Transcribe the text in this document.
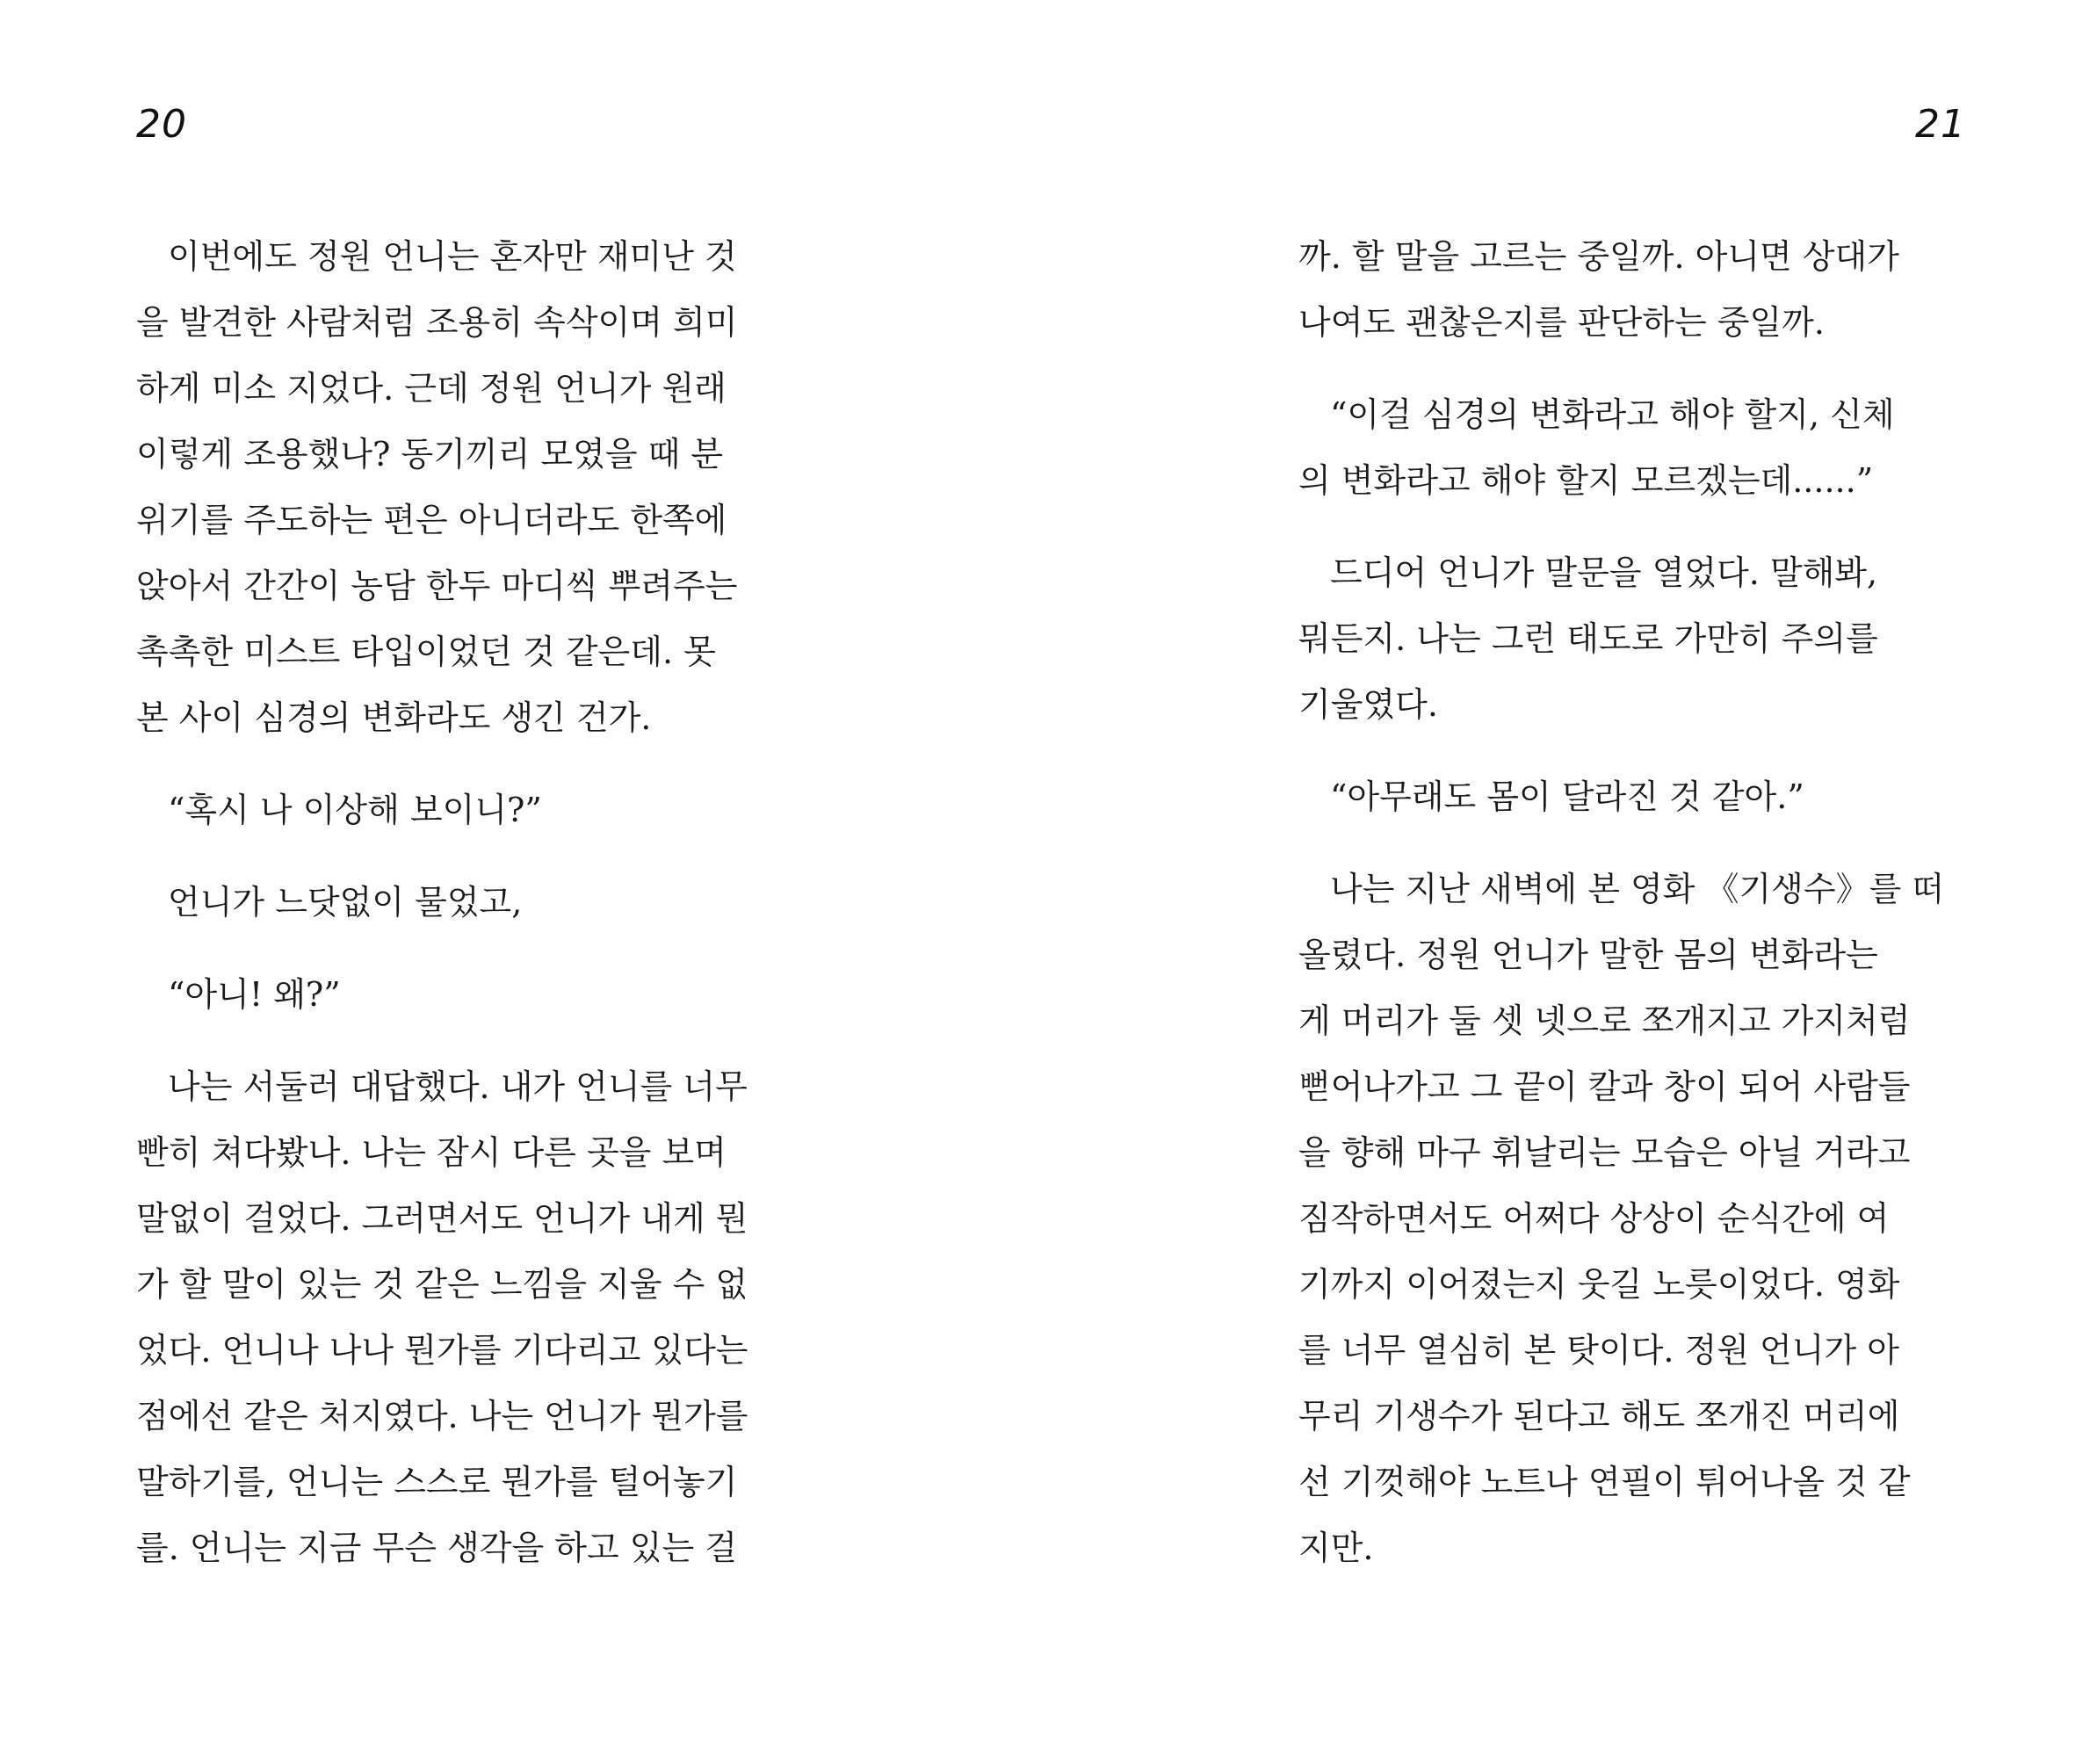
20

이번에도 정원 언니는 혼자만 재미난 것
을 발견한 사람처럼 조용히 속삭이며 희미
하게 미소 지었다. 근데 정원 언니가 원래
이렇게 조용했나? 동기끼리 모였을 때 분
위기를 주도하는 편은 아니더라도 한쪽에
앉아서 간간이 농담 한두 마디씩 뿌려주는
촉촉한 미스트 타입이었던 것 같은데. 못
본 사이 심경의 변화라도 생긴 건가.

“혹시 나 이상해 보이니?”

언니가 느닷없이 물었고,

“아니! 왜?”

나는 서둘러 대답했다. 내가 언니를 너무
빤히 쳐다봤나. 나는 잠시 다른 곳을 보며
말없이 걸었다. 그러면서도 언니가 내게 뭔
가 할 말이 있는 것 같은 느낌을 지울 수 없
었다. 언니나 나나 뭔가를 기다리고 있다는
점에선 같은 처지였다. 나는 언니가 뭔가를
말하기를, 언니는 스스로 뭔가를 털어놓기
를. 언니는 지금 무슨 생각을 하고 있는 걸

21

까. 할 말을 고르는 중일까. 아니면 상대가
나여도 괜찮은지를 판단하는 중일까.

“이걸 심경의 변화라고 해야 할지, 신체
의 변화라고 해야 할지 모르겠는데......”

드디어 언니가 말문을 열었다. 말해봐,
뭐든지. 나는 그런 태도로 가만히 주의를
기울였다.

“아무래도 몸이 달라진 것 같아.”

나는 지난 새벽에 본 영화 《기생수》를 떠
올렸다. 정원 언니가 말한 몸의 변화라는
게 머리가 둘 셋 넷으로 쪼개지고 가지처럼
뻗어나가고 그 끝이 칼과 창이 되어 사람들
을 향해 마구 휘날리는 모습은 아닐 거라고
짐작하면서도 어쩌다 상상이 순식간에 여
기까지 이어졌는지 웃길 노릇이었다. 영화
를 너무 열심히 본 탓이다. 정원 언니가 아
무리 기생수가 된다고 해도 쪼개진 머리에
선 기껏해야 노트나 연필이 튀어나올 것 같
지만.
